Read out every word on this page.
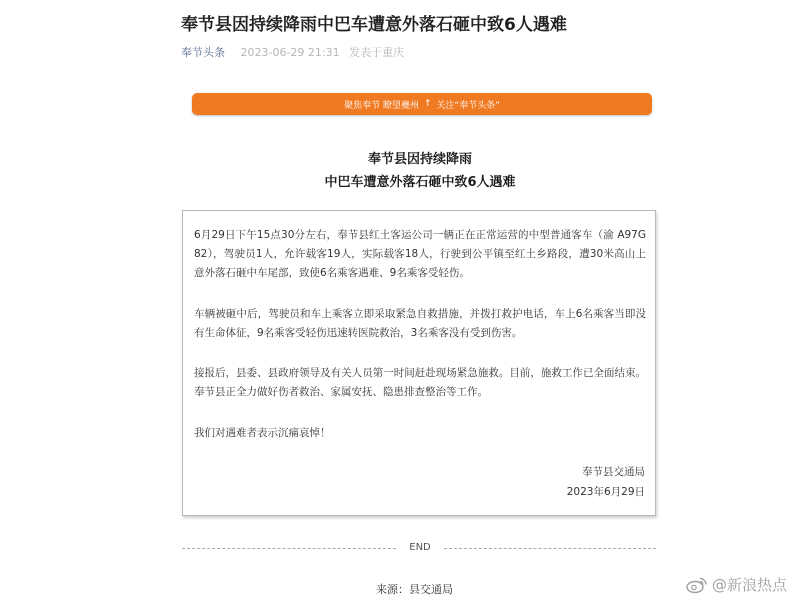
奉节县因持续降雨中巴车遭意外落石砸中致6人遇难
奉节头条 2023-06-29 21:31 发表于重庆
聚焦奉节 瞭望夔州 ↑ 关注“奉节头条”
奉节县因持续降雨
中巴车遭意外落石砸中致6人遇难

6月29日下午15点30分左右，奉节县红土客运公司一辆正在正常运营的中型普通客车（渝 A97G82），驾驶员1人，允许载客19人，实际载客18人，行驶到公平镇至红土乡路段，遭30米高山上意外落石砸中车尾部，致使6名乘客遇难、9名乘客受轻伤。

车辆被砸中后，驾驶员和车上乘客立即采取紧急自救措施，并拨打救护电话，车上6名乘客当即没有生命体征，9名乘客受轻伤迅速转医院救治，3名乘客没有受到伤害。

接报后，县委、县政府领导及有关人员第一时间赶赴现场紧急施救。目前，施救工作已全面结束。奉节县正全力做好伤者救治、家属安抚、隐患排查整治等工作。

我们对遇难者表示沉痛哀悼！

奉节县交通局
2023年6月29日
END
来源：县交通局	@新浪热点
